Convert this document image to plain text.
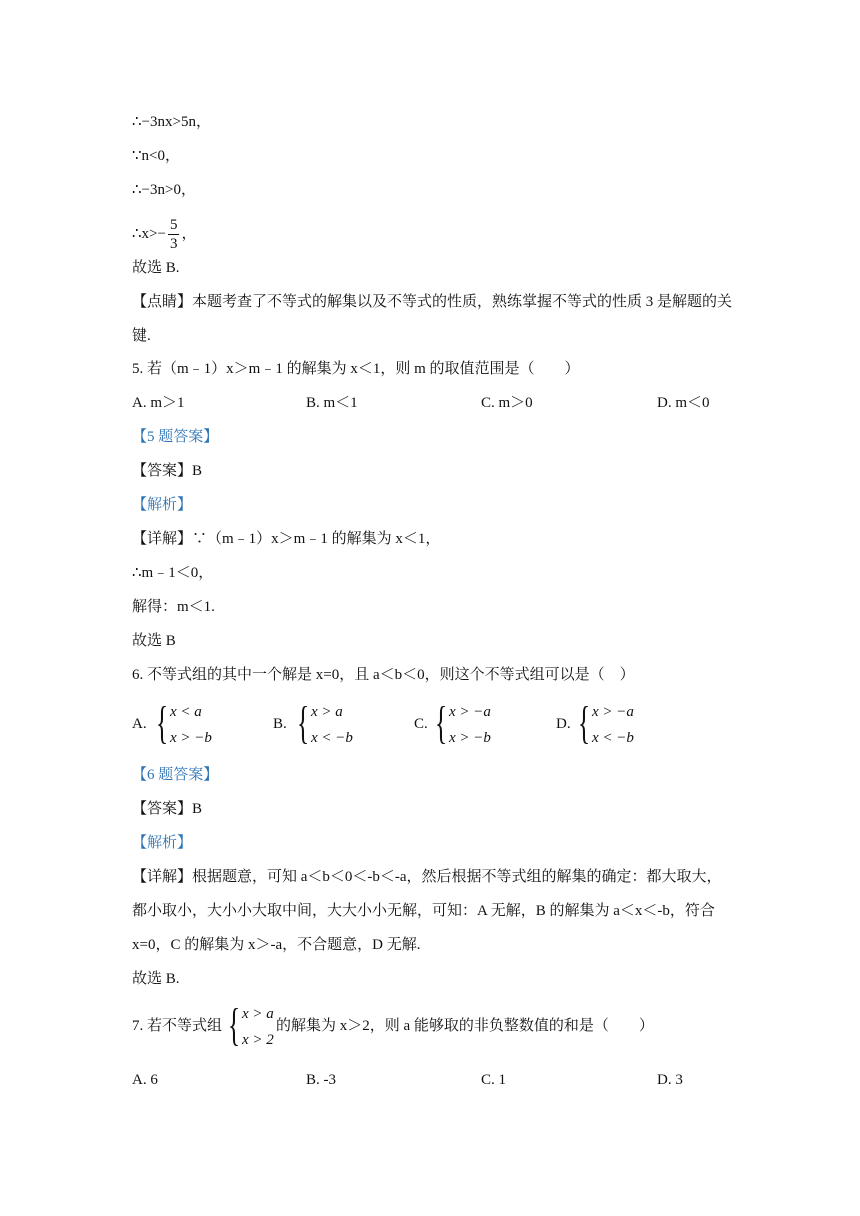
∴−3nx>5n，
∵n<0，
∴−3n>0，
∴x>− $\frac{5}{3}$ ，
故选 B.
【点睛】本题考查了不等式的解集以及不等式的性质，熟练掌握不等式的性质 3 是解题的关
键.
5. 若（m﹣1）x＞m﹣1 的解集为 x＜1，则 m 的取值范围是（　　）
A. m＞1	B. m＜1	C. m＞0	D. m＜0
【5 题答案】
【答案】B
【解析】
【详解】∵（m﹣1）x＞m﹣1 的解集为 x＜1，
∴m﹣1＜0，
解得：m＜1.
故选 B
6. 不等式组的其中一个解是 x=0，且 a＜b＜0，则这个不等式组可以是（　）
A. { x < a
x > −b
B. { x > a
x < −b
C. { x > −a
x > −b
D. { x > −a
x < −b
【6 题答案】
【答案】B
【解析】
【详解】根据题意，可知 a＜b＜0＜-b＜-a，然后根据不等式组的解集的确定：都大取大，
都小取小，大小小大取中间，大大小小无解，可知：A 无解，B 的解集为 a＜x＜-b，符合
x=0，C 的解集为 x＞-a，不合题意，D 无解.
故选 B.
7. 若不等式组 { x > a
x > 2
的解集为 x＞2，则 a 能够取的非负整数值的和是（　　）
A. 6	B. -3	C. 1	D. 3
